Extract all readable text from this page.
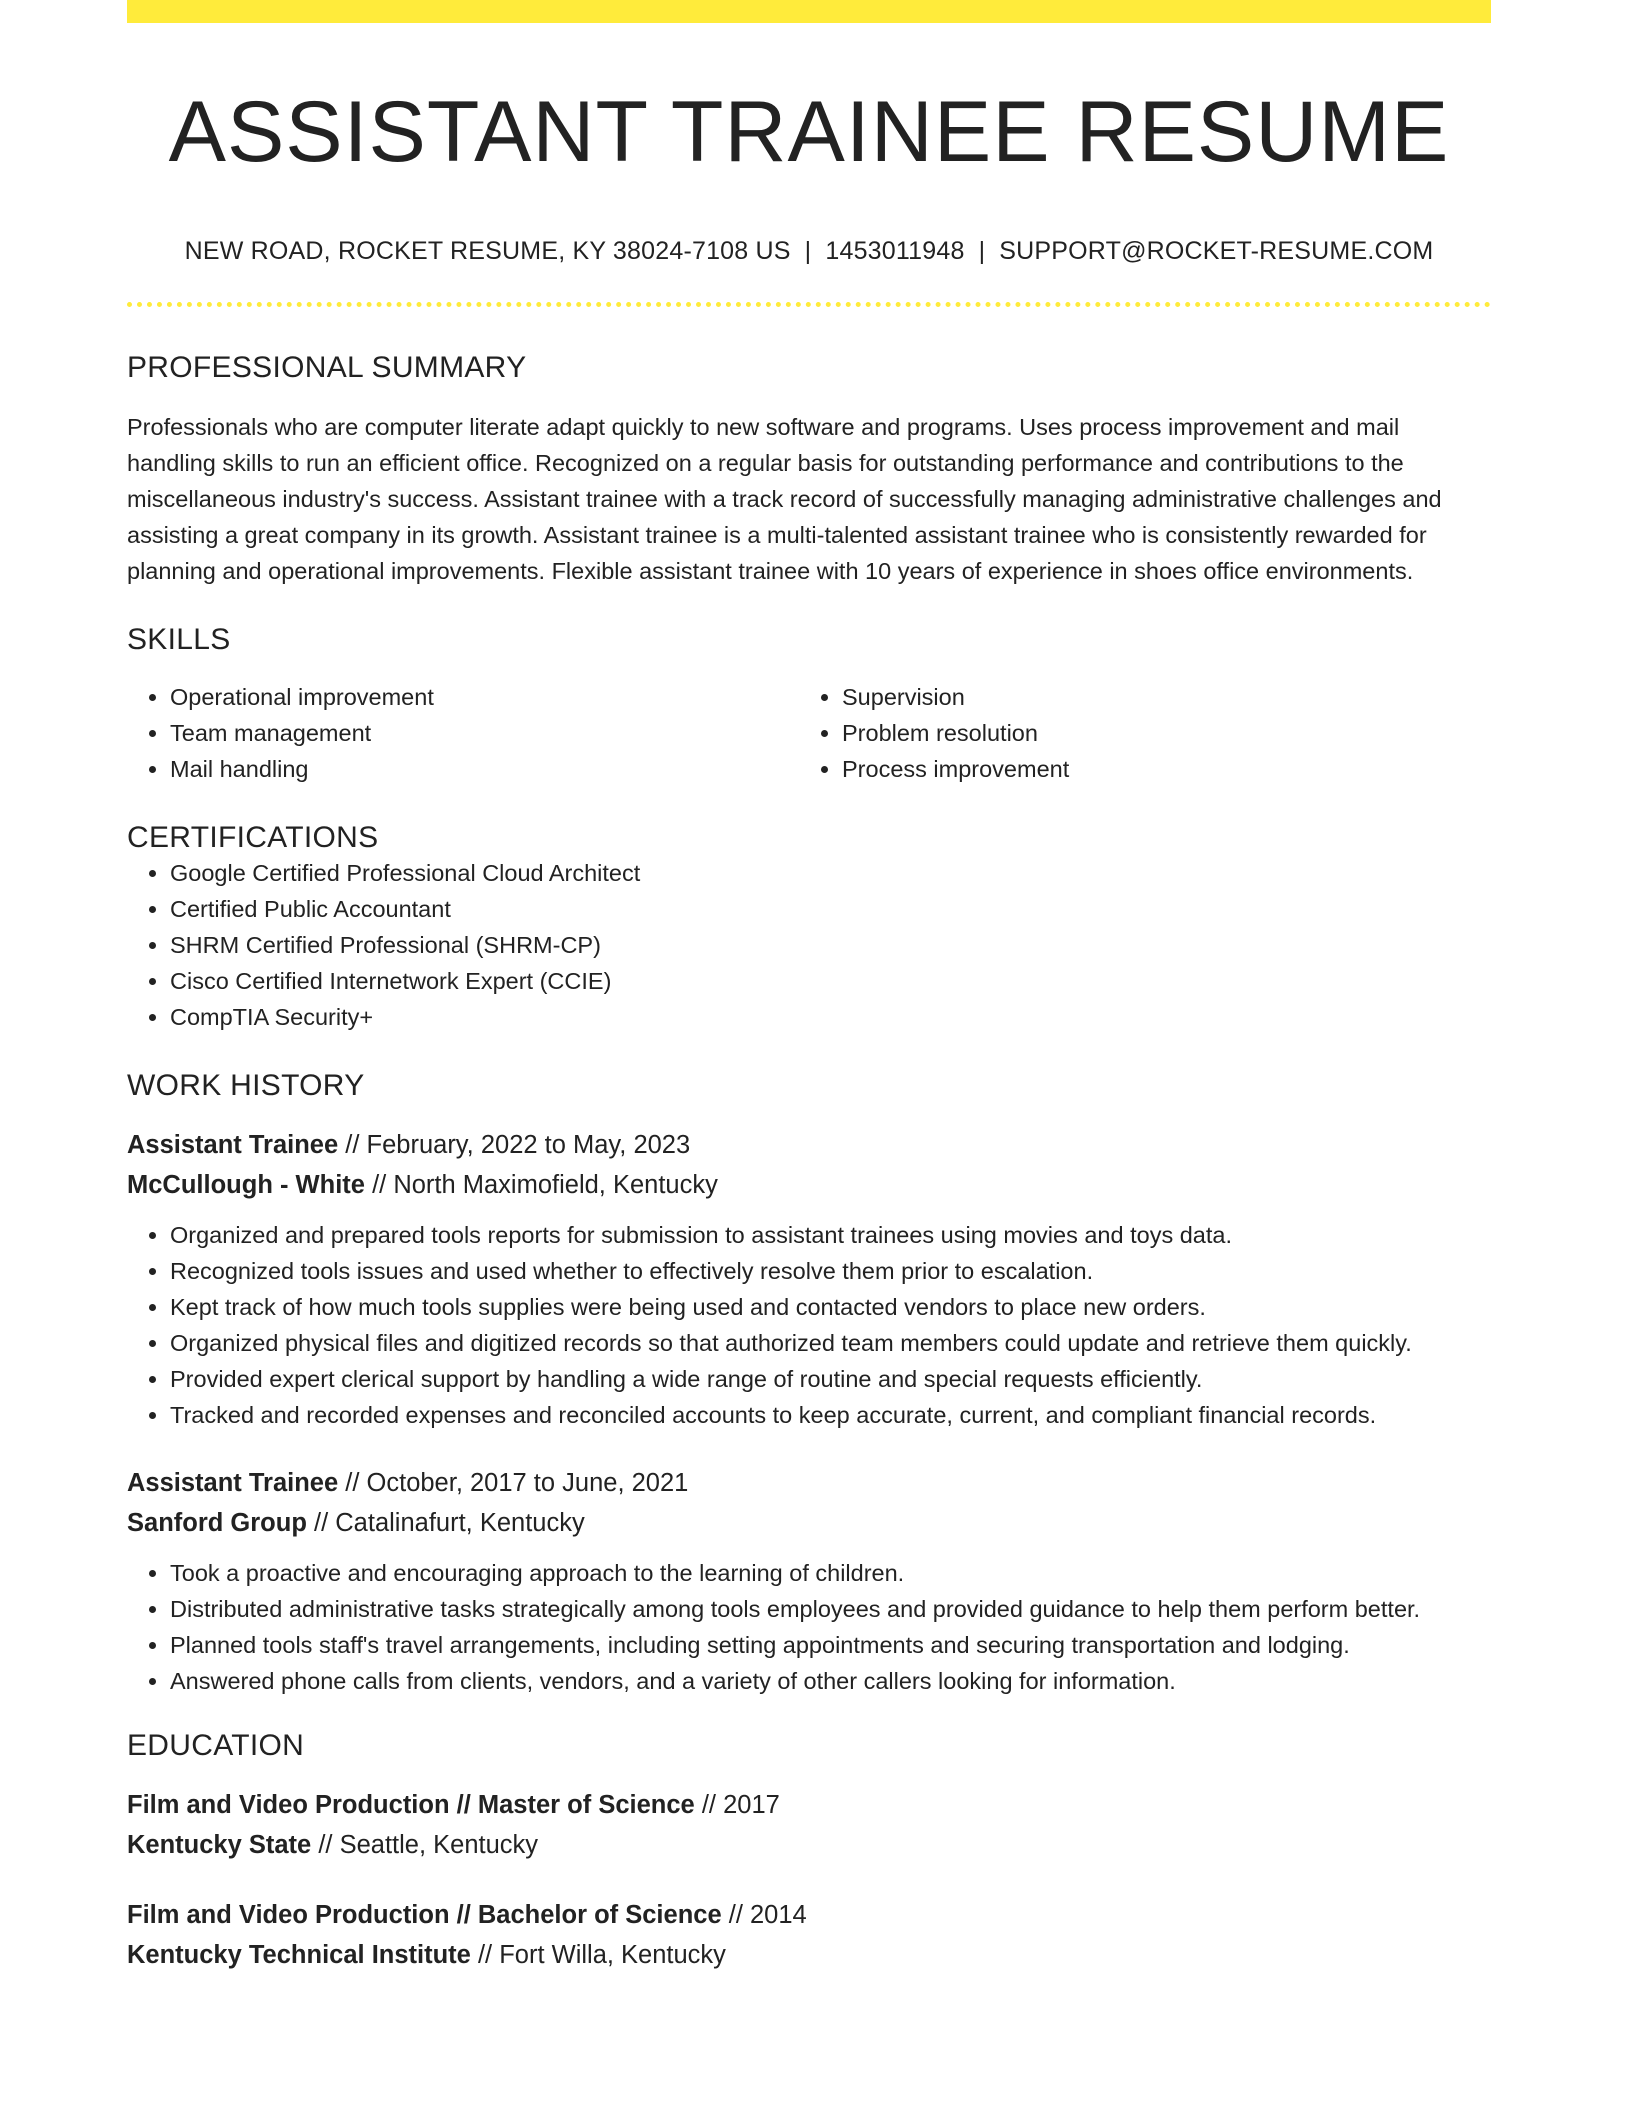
ASSISTANT TRAINEE RESUME
NEW ROAD, ROCKET RESUME, KY 38024-7108 US | 1453011948 | SUPPORT@ROCKET-RESUME.COM
PROFESSIONAL SUMMARY

Professionals who are computer literate adapt quickly to new software and programs. Uses process improvement and mail handling skills to run an efficient office. Recognized on a regular basis for outstanding performance and contributions to the miscellaneous industry's success. Assistant trainee with a track record of successfully managing administrative challenges and assisting a great company in its growth. Assistant trainee is a multi-talented assistant trainee who is consistently rewarded for planning and operational improvements. Flexible assistant trainee with 10 years of experience in shoes office environments.

SKILLS
• Operational improvement
• Team management
• Mail handling
• Supervision
• Problem resolution
• Process improvement
CERTIFICATIONS
• Google Certified Professional Cloud Architect
• Certified Public Accountant
• SHRM Certified Professional (SHRM-CP)
• Cisco Certified Internetwork Expert (CCIE)
• CompTIA Security+
WORK HISTORY
Assistant Trainee // February, 2022 to May, 2023
McCullough - White // North Maximofield, Kentucky
• Organized and prepared tools reports for submission to assistant trainees using movies and toys data.
• Recognized tools issues and used whether to effectively resolve them prior to escalation.
• Kept track of how much tools supplies were being used and contacted vendors to place new orders.
• Organized physical files and digitized records so that authorized team members could update and retrieve them quickly.
• Provided expert clerical support by handling a wide range of routine and special requests efficiently.
• Tracked and recorded expenses and reconciled accounts to keep accurate, current, and compliant financial records.
Assistant Trainee // October, 2017 to June, 2021
Sanford Group // Catalinafurt, Kentucky
• Took a proactive and encouraging approach to the learning of children.
• Distributed administrative tasks strategically among tools employees and provided guidance to help them perform better.
• Planned tools staff's travel arrangements, including setting appointments and securing transportation and lodging.
• Answered phone calls from clients, vendors, and a variety of other callers looking for information.
EDUCATION
Film and Video Production // Master of Science // 2017
Kentucky State // Seattle, Kentucky
Film and Video Production // Bachelor of Science // 2014
Kentucky Technical Institute // Fort Willa, Kentucky
